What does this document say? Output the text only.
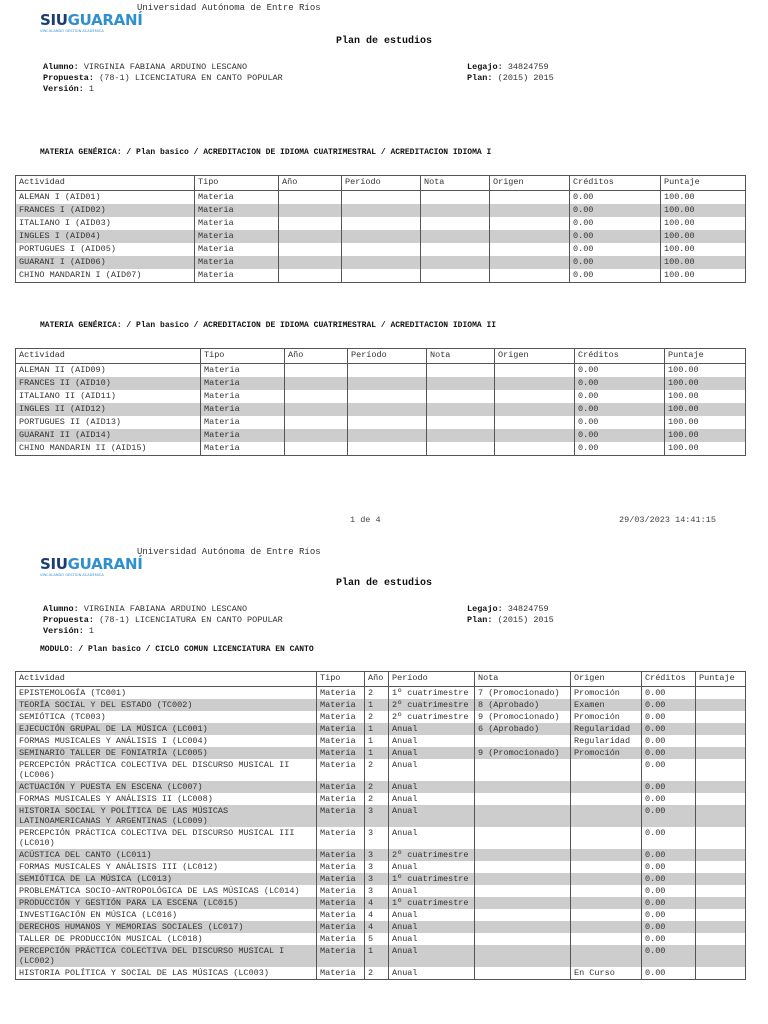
SIUGUARANÍ
VINCULANDO GESTIÓN ACADÉMICA
Universidad Autónoma de Entre Ríos
Plan de estudios
Alumno: VIRGINIA FABIANA ARDUINO LESCANO
Propuesta: (78-1) LICENCIATURA EN CANTO POPULAR
Versión: 1
Legajo: 34824759
Plan: (2015) 2015
MATERIA GENÉRICA: / Plan basico / ACREDITACION DE IDIOMA CUATRIMESTRAL / ACREDITACION IDIOMA I
Actividad	Tipo	Año	Período	Nota	Origen	Créditos	Puntaje
ALEMAN I (AID01)	Materia					0.00	100.00
FRANCES I (AID02)	Materia					0.00	100.00
ITALIANO I (AID03)	Materia					0.00	100.00
INGLES I (AID04)	Materia					0.00	100.00
PORTUGUES I (AID05)	Materia					0.00	100.00
GUARANI I (AID06)	Materia					0.00	100.00
CHINO MANDARIN I (AID07)	Materia					0.00	100.00
MATERIA GENÉRICA: / Plan basico / ACREDITACION DE IDIOMA CUATRIMESTRAL / ACREDITACION IDIOMA II
Actividad	Tipo	Año	Período	Nota	Origen	Créditos	Puntaje
ALEMAN II (AID09)	Materia					0.00	100.00
FRANCES II (AID10)	Materia					0.00	100.00
ITALIANO II (AID11)	Materia					0.00	100.00
INGLES II (AID12)	Materia					0.00	100.00
PORTUGUES II (AID13)	Materia					0.00	100.00
GUARANI II (AID14)	Materia					0.00	100.00
CHINO MANDARIN II (AID15)	Materia					0.00	100.00
1 de 4	29/03/2023 14:41:15
SIUGUARANÍ
VINCULANDO GESTIÓN ACADÉMICA
Universidad Autónoma de Entre Ríos
Plan de estudios
Alumno: VIRGINIA FABIANA ARDUINO LESCANO
Propuesta: (78-1) LICENCIATURA EN CANTO POPULAR
Versión: 1
Legajo: 34824759
Plan: (2015) 2015
MODULO: / Plan basico / CICLO COMUN LICENCIATURA EN CANTO
Actividad	Tipo	Año	Período	Nota	Origen	Créditos	Puntaje
EPISTEMOLOGÍA (TC001)	Materia	2	1º cuatrimestre	7 (Promocionado)	Promoción	0.00	
TEORÍA SOCIAL Y DEL ESTADO (TC002)	Materia	1	2º cuatrimestre	8 (Aprobado)	Examen	0.00	
SEMIÓTICA (TC003)	Materia	2	2º cuatrimestre	9 (Promocionado)	Promoción	0.00	
EJECUCIÓN GRUPAL DE LA MÚSICA (LC001)	Materia	1	Anual	6 (Aprobado)	Regularidad	0.00	
FORMAS MUSICALES Y ANÁLISIS I (LC004)	Materia	1	Anual		Regularidad	0.00	
SEMINARIO TALLER DE FONIATRÍA (LC005)	Materia	1	Anual	9 (Promocionado)	Promoción	0.00	
PERCEPCIÓN PRÁCTICA COLECTIVA DEL DISCURSO MUSICAL II (LC006)	Materia	2	Anual			0.00	
ACTUACIÓN Y PUESTA EN ESCENA (LC007)	Materia	2	Anual			0.00	
FORMAS MUSICALES Y ANÁLISIS II (LC008)	Materia	2	Anual			0.00	
HISTORIA SOCIAL Y POLÍTICA DE LAS MÚSICAS LATINOAMERICANAS Y ARGENTINAS (LC009)	Materia	3	Anual			0.00	
PERCEPCIÓN PRÁCTICA COLECTIVA DEL DISCURSO MUSICAL III (LC010)	Materia	3	Anual			0.00	
ACÚSTICA DEL CANTO (LC011)	Materia	3	2º cuatrimestre			0.00	
FORMAS MUSICALES Y ANÁLISIS III (LC012)	Materia	3	Anual			0.00	
SEMIÓTICA DE LA MÚSICA (LC013)	Materia	3	1º cuatrimestre			0.00	
PROBLEMÁTICA SOCIO-ANTROPOLÓGICA DE LAS MÚSICAS (LC014)	Materia	3	Anual			0.00	
PRODUCCIÓN Y GESTIÓN PARA LA ESCENA (LC015)	Materia	4	1º cuatrimestre			0.00	
INVESTIGACIÓN EN MÚSICA (LC016)	Materia	4	Anual			0.00	
DERECHOS HUMANOS Y MEMORIAS SOCIALES (LC017)	Materia	4	Anual			0.00	
TALLER DE PRODUCCIÓN MUSICAL (LC018)	Materia	5	Anual			0.00	
PERCEPCIÓN PRÁCTICA COLECTIVA DEL DISCURSO MUSICAL I (LC002)	Materia	1	Anual			0.00	
HISTORIA POLÍTICA Y SOCIAL DE LAS MÚSICAS (LC003)	Materia	2	Anual		En Curso	0.00	
